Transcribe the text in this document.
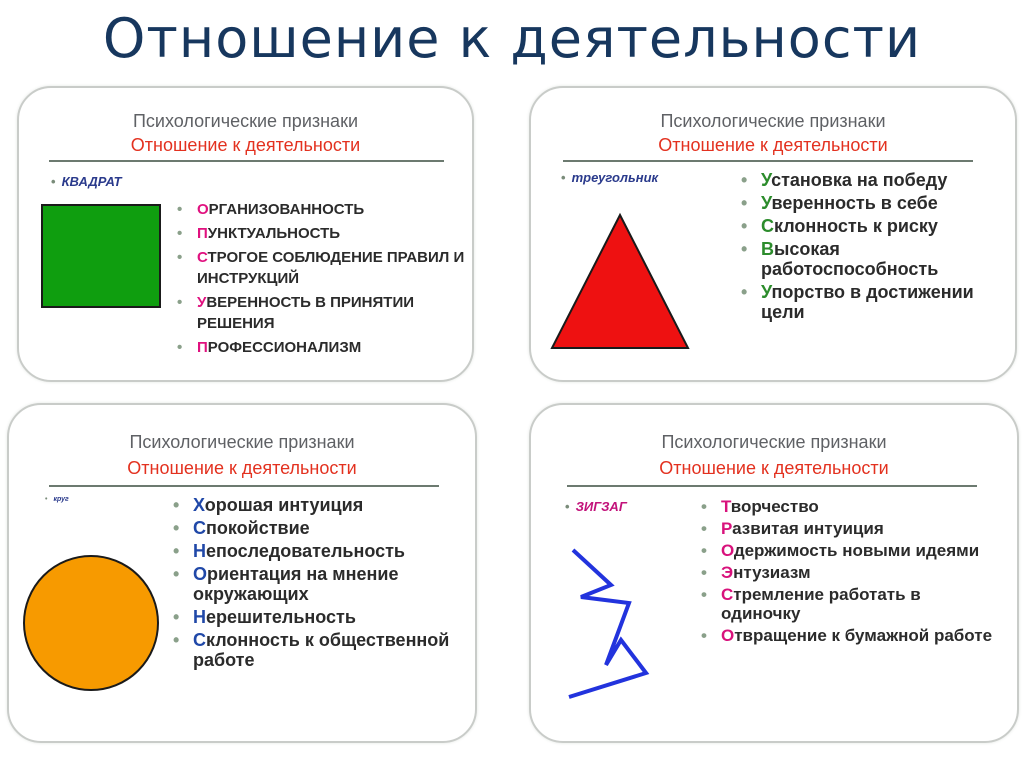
Отношение к деятельности
Психологические признаки
Отношение к деятельности
• КВАДРАТ
• ОРГАНИЗОВАННОСТЬ
• ПУНКТУАЛЬНОСТЬ
• СТРОГОЕ СОБЛЮДЕНИЕ ПРАВИЛ И ИНСТРУКЦИЙ
• УВЕРЕННОСТЬ В ПРИНЯТИИ РЕШЕНИЯ
• ПРОФЕССИОНАЛИЗМ
Психологические признаки
Отношение к деятельности
• треугольник	• Установка на победу
• Уверенность в себе
• Склонность к риску
• Высокая работоспособность
• Упорство в достижении цели
Психологические признаки
Отношение к деятельности
• круг	• Хорошая интуиция
• Спокойствие
• Непоследовательность
• Ориентация на мнение окружающих
• Нерешительность
• Склонность к общественной работе
Психологические признаки
Отношение к деятельности
• ЗИГЗАГ	• Творчество
• Развитая интуиция
• Одержимость новыми идеями
• Энтузиазм
• Стремление работать в одиночку
• Отвращение к бумажной работе
